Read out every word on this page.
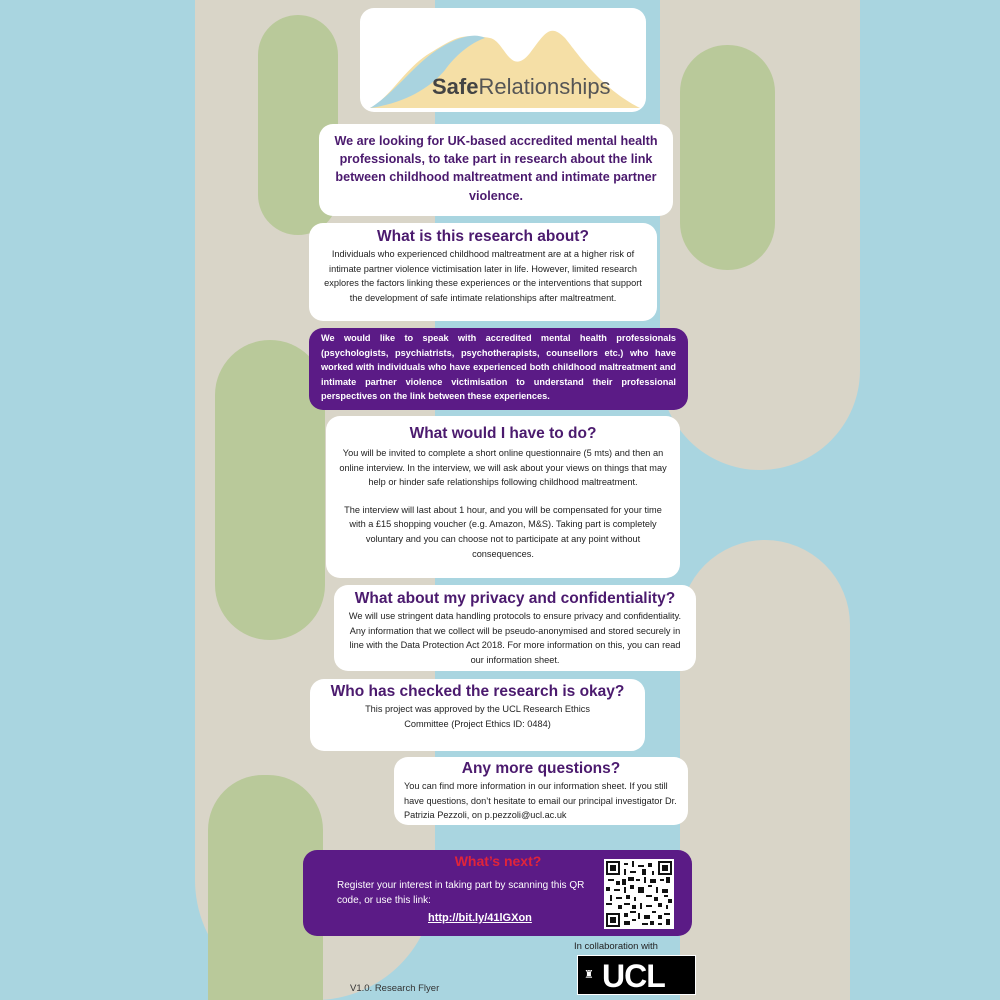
SafeRelationships

We are looking for UK-based accredited mental health professionals, to take part in research about the link between childhood maltreatment and intimate partner violence.

What is this research about?

Individuals who experienced childhood maltreatment are at a higher risk of intimate partner violence victimisation later in life. However, limited research explores the factors linking these experiences or the interventions that support the development of safe intimate relationships after maltreatment.

We would like to speak with accredited mental health professionals (psychologists, psychiatrists, psychotherapists, counsellors etc.) who have worked with individuals who have experienced both childhood maltreatment and intimate partner violence victimisation to understand their professional perspectives on the link between these experiences.

What would I have to do?

You will be invited to complete a short online questionnaire (5 mts) and then an online interview. In the interview, we will ask about your views on things that may help or hinder safe relationships following childhood maltreatment.

The interview will last about 1 hour, and you will be compensated for your time with a £15 shopping voucher (e.g. Amazon, M&S). Taking part is completely voluntary and you can choose not to participate at any point without consequences.

What about my privacy and confidentiality?

We will use stringent data handling protocols to ensure privacy and confidentiality. Any information that we collect will be pseudo-anonymised and stored securely in line with the Data Protection Act 2018. For more information on this, you can read our information sheet.

Who has checked the research is okay?

This project was approved by the UCL Research Ethics Committee (Project Ethics ID: 0484)

Any more questions?

You can find more information in our information sheet. If you still have questions, don’t hesitate to email our principal investigator Dr. Patrizia Pezzoli, on p.pezzoli@ucl.ac.uk

What’s next?

Register your interest in taking part by scanning this QR code, or use this link:

http://bit.ly/41lGXon

In collaboration with

♜ UCL

V1.0. Research Flyer
